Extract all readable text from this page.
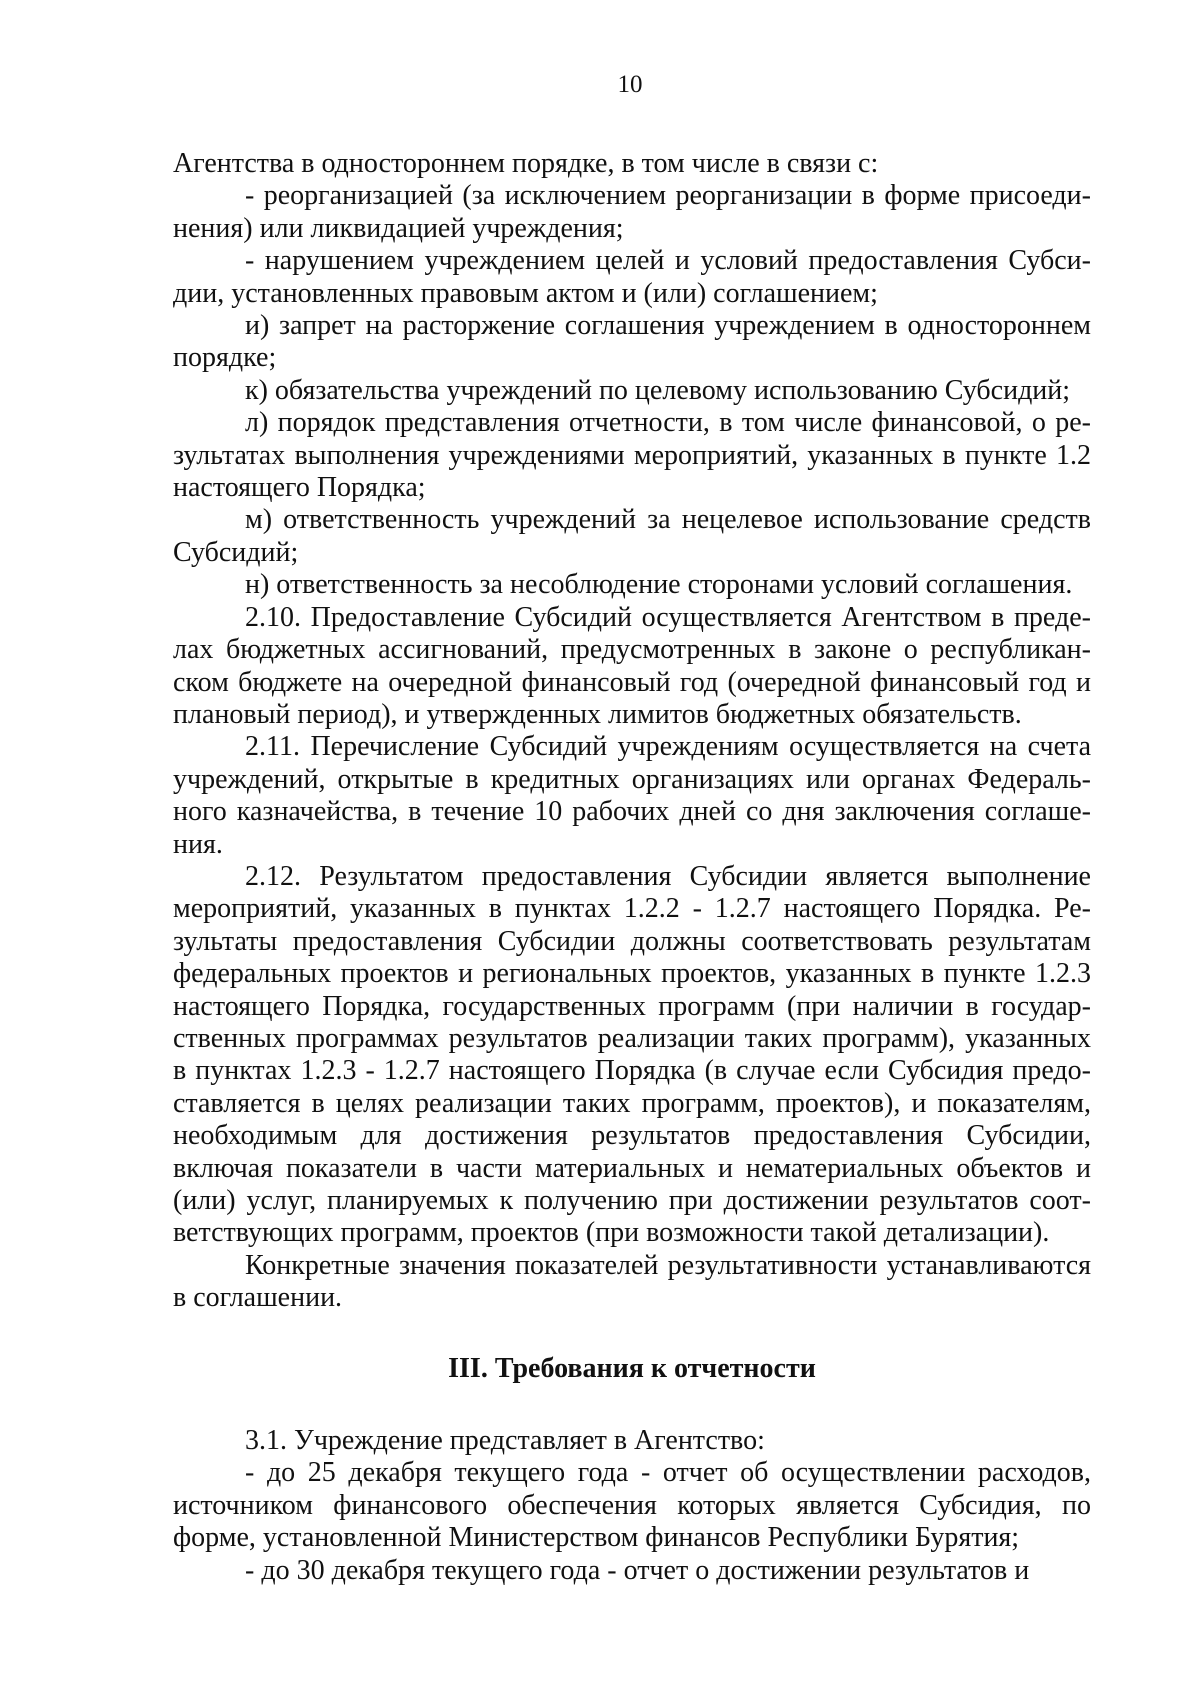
10

Агентства в одностороннем порядке, в том числе в связи с:

- реорганизацией (за исключением реорганизации в форме присоединения) или ликвидацией учреждения;

- нарушением учреждением целей и условий предоставления Субсидии, установленных правовым актом и (или) соглашением;

и) запрет на расторжение соглашения учреждением в одностороннем порядке;

к) обязательства учреждений по целевому использованию Субсидий;

л) порядок представления отчетности, в том числе финансовой, о результатах выполнения учреждениями мероприятий, указанных в пункте 1.2 настоящего Порядка;

м) ответственность учреждений за нецелевое использование средств Субсидий;

н) ответственность за несоблюдение сторонами условий соглашения.

2.10. Предоставление Субсидий осуществляется Агентством в пределах бюджетных ассигнований, предусмотренных в законе о республиканском бюджете на очередной финансовый год (очередной финансовый год и плановый период), и утвержденных лимитов бюджетных обязательств.

2.11. Перечисление Субсидий учреждениям осуществляется на счета учреждений, открытые в кредитных организациях или органах Федерального казначейства, в течение 10 рабочих дней со дня заключения соглашения.

2.12. Результатом предоставления Субсидии является выполнение мероприятий, указанных в пунктах 1.2.2 - 1.2.7 настоящего Порядка. Результаты предоставления Субсидии должны соответствовать результатам федеральных проектов и региональных проектов, указанных в пункте 1.2.3 настоящего Порядка, государственных программ (при наличии в государственных программах результатов реализации таких программ), указанных в пунктах 1.2.3 - 1.2.7 настоящего Порядка (в случае если Субсидия предоставляется в целях реализации таких программ, проектов), и показателям, необходимым для достижения результатов предоставления Субсидии, включая показатели в части материальных и нематериальных объектов и (или) услуг, планируемых к получению при достижении результатов соответствующих программ, проектов (при возможности такой детализации).

Конкретные значения показателей результативности устанавливаются в соглашении.

III. Требования к отчетности

3.1. Учреждение представляет в Агентство:

- до 25 декабря текущего года - отчет об осуществлении расходов, источником финансового обеспечения которых является Субсидия, по форме, установленной Министерством финансов Республики Бурятия;

- до 30 декабря текущего года - отчет о достижении результатов и
